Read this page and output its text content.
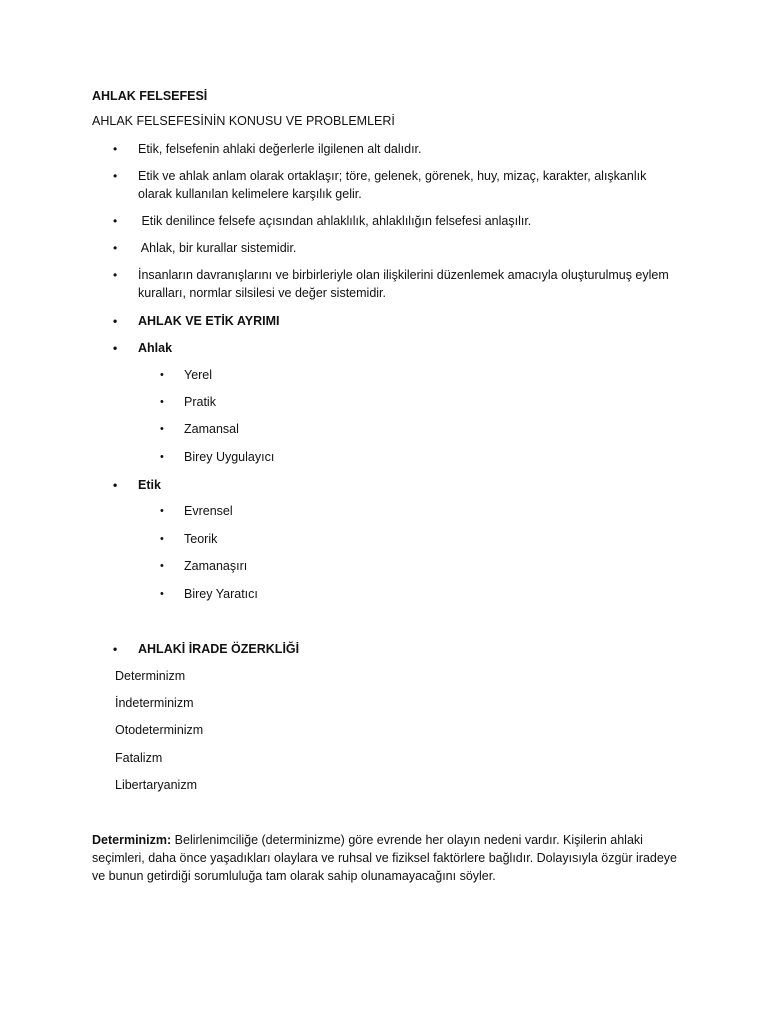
AHLAK FELSEFESİ
AHLAK FELSEFESİNİN KONUSU VE PROBLEMLERİ
•	Etik, felsefenin ahlaki değerlerle ilgilenen alt dalıdır.
•	Etik ve ahlak anlam olarak ortaklaşır; töre, gelenek, görenek, huy, mizaç, karakter, alışkanlık olarak kullanılan kelimelere karşılık gelir.
•	Etik denilince felsefe açısından ahlaklılık, ahlaklılığın felsefesi anlaşılır.
•	Ahlak, bir kurallar sistemidir.
•	İnsanların davranışlarını ve birbirleriyle olan ilişkilerini düzenlemek amacıyla oluşturulmuş eylem kuralları, normlar silsilesi ve değer sistemidir.
•	AHLAK VE ETİK AYRIMI
•	Ahlak
• Yerel
• Pratik
• Zamansal
• Birey Uygulayıcı
•	Etik
• Evrensel
• Teorik
• Zamanaşırı
• Birey Yaratıcı
•	AHLAKİ İRADE ÖZERKLİĞİ
Determinizm
İndeterminizm
Otodeterminizm
Fatalizm
Libertaryanizm
Determinizm: Belirlenimciliğe (determinizme) göre evrende her olayın nedeni vardır. Kişilerin ahlaki seçimleri, daha önce yaşadıkları olaylara ve ruhsal ve fiziksel faktörlere bağlıdır. Dolayısıyla özgür iradeye ve bunun getirdiği sorumluluğa tam olarak sahip olunamayacağını söyler.
